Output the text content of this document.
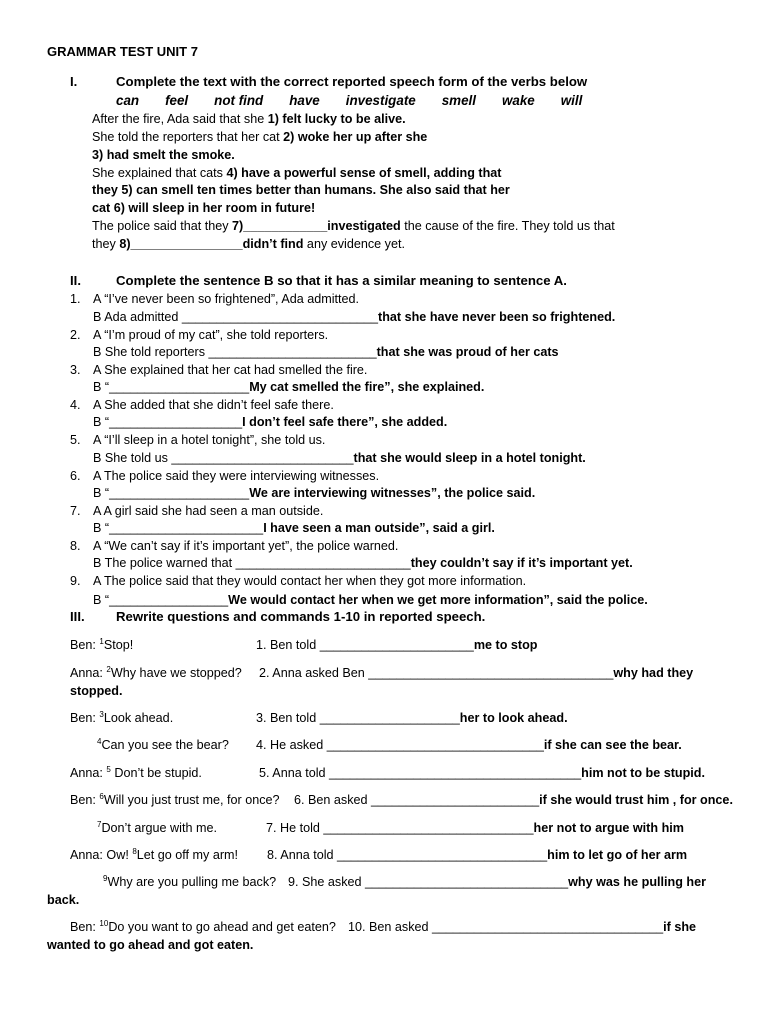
GRAMMAR TEST UNIT 7
I.	Complete the text with the correct reported speech form of the verbs below
can feel not find have investigate smell wake will
After the fire, Ada said that she 1) felt lucky to be alive.
She told the reporters that her cat 2) woke her up after she
3) had smelt the smoke.
She explained that cats 4) have a powerful sense of smell, adding that
they 5) can smell ten times better than humans. She also said that her
cat 6) will sleep in her room in future!
The police said that they 7)____________investigated the cause of the fire. They told us that
they 8)________________didn’t find any evidence yet.
II.	Complete the sentence B so that it has a similar meaning to sentence A.
1. A “I’ve never been so frightened”, Ada admitted.
B Ada admitted ____________________________that she have never been so frightened.
2. A “I’m proud of my cat”, she told reporters.
B She told reporters ________________________that she was proud of her cats
3. A She explained that her cat had smelled the fire.
B “____________________My cat smelled the fire”, she explained.
4. A She added that she didn’t feel safe there.
B “___________________I don’t feel safe there”, she added.
5. A “I’ll sleep in a hotel tonight”, she told us.
B She told us __________________________that she would sleep in a hotel tonight.
6. A The police said they were interviewing witnesses.
B “____________________We are interviewing witnesses”, the police said.
7. A A girl said she had seen a man outside.
B “______________________I have seen a man outside”, said a girl.
8. A “We can’t say if it’s important yet”, the police warned.
B The police warned that _________________________they couldn’t say if it’s important yet.
9. A The police said that they would contact her when they got more information.
B “_________________We would contact her when we get more information”, said the police.
III. Rewrite questions and commands 1-10 in reported speech.
Ben: $^1$Stop!	1. Ben told ______________________me to stop
Anna: $^2$Why have we stopped? 2. Anna asked Ben ___________________________________why had they
stopped.
Ben: $^3$Look ahead.	3. Ben told ____________________her to look ahead.
$^4$Can you see the bear? 4. He asked _______________________________if she can see the bear.
Anna: $^5$ Don’t be stupid.	5. Anna told ____________________________________him not to be stupid.
Ben: $^6$Will you just trust me, for once? 6. Ben asked ________________________if she would trust him , for once.
$^7$Don’t argue with me.	7. He told ______________________________her not to argue with him
Anna: Ow! $^8$Let go off my arm! 8. Anna told ______________________________him to let go of her arm
$^9$Why are you pulling me back? 9. She asked _____________________________why was he pulling her
back.
Ben: $^{10}$Do you want to go ahead and get eaten? 10. Ben asked _________________________________if she
wanted to go ahead and got eaten.
